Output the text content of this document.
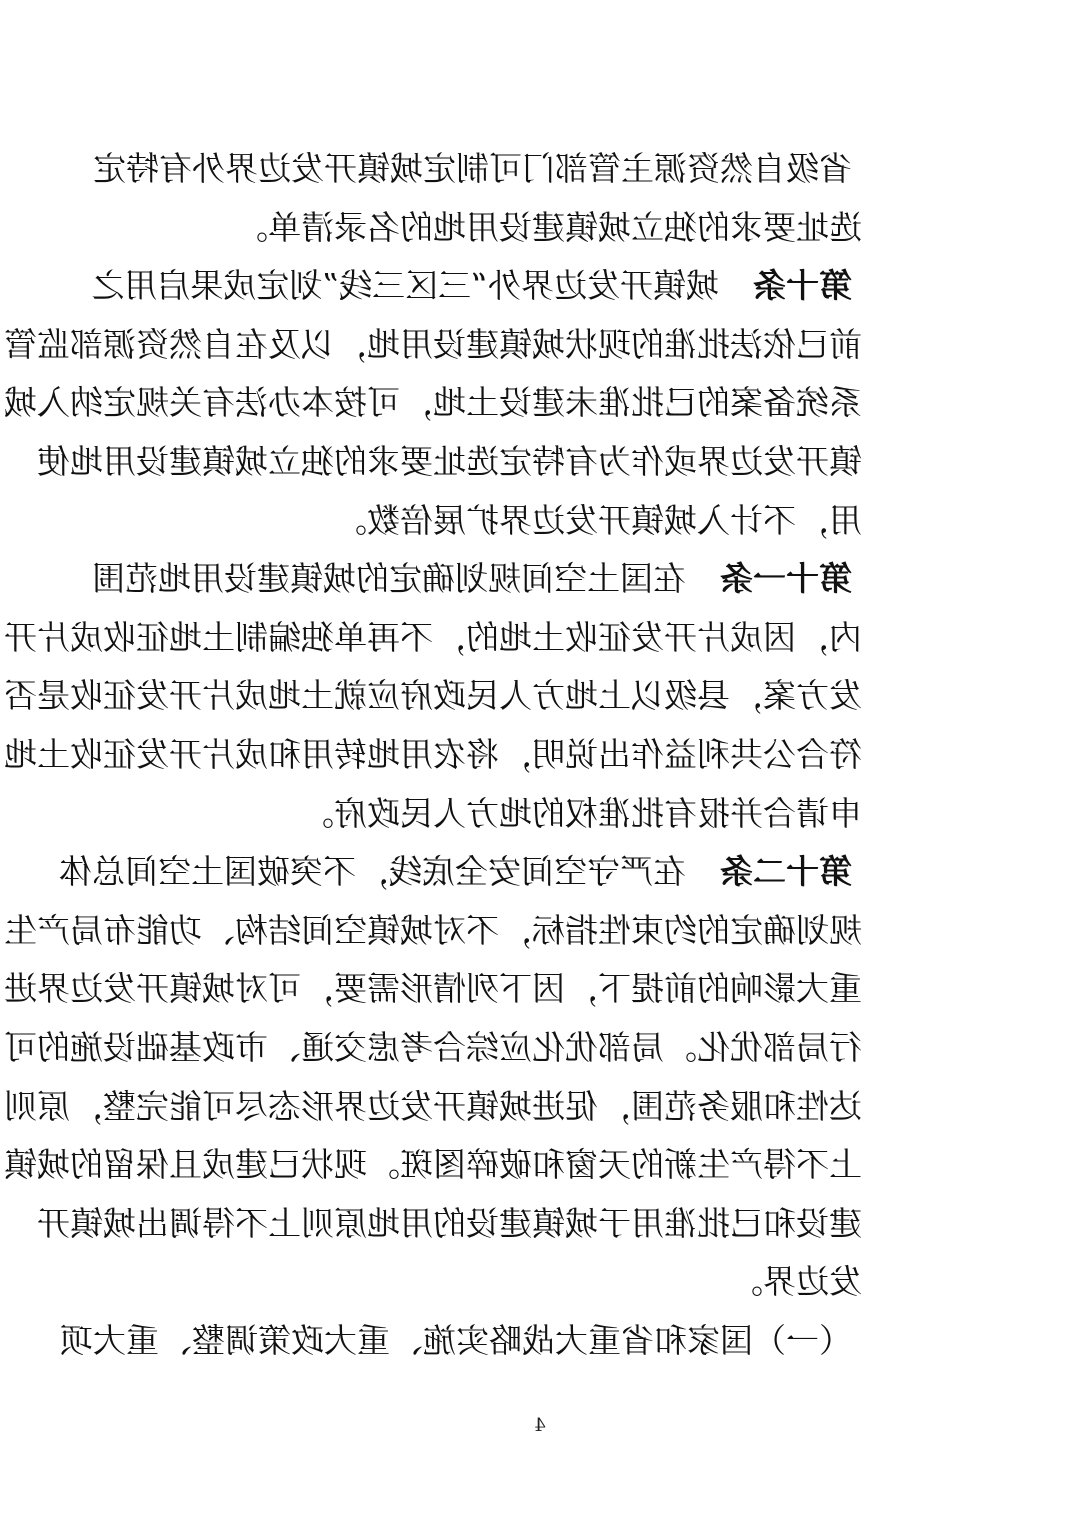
省级自然资源主管部门可制定城镇开发边界外有特定
选址要求的独立城镇建设用地的名录清单。
第十条城镇开发边界外“三区三线”划定成果启用之
前已依法批准的现状城镇建设用地，以及在自然资源部监管
系统备案的已批准未建设土地，可按本办法有关规定纳入城
镇开发边界或作为有特定选址要求的独立城镇建设用地使
用，不计入城镇开发边界扩展倍数。
第十一条在国土空间规划确定的城镇建设用地范围
内，因成片开发征收土地的，不再单独编制土地征收成片开
发方案，县级以上地方人民政府应就土地成片开发征收是否
符合公共利益作出说明，将农用地转用和成片开发征收土地
申请合并报有批准权的地方人民政府。
第十二条在严守空间安全底线，不突破国土空间总体
规划确定的约束性指标，不对城镇空间结构、功能布局产生
重大影响的前提下，因下列情形需要，可对城镇开发边界进
行局部优化。局部优化应综合考虑交通、市政基础设施的可
达性和服务范围，促进城镇开发边界形态尽可能完整，原则
上不得产生新的天窗和破碎图斑。现状已建成且保留的城镇
建设和已批准用于城镇建设的用地原则上不得调出城镇开
发边界。
（一）国家和省重大战略实施、重大政策调整、重大项
4
